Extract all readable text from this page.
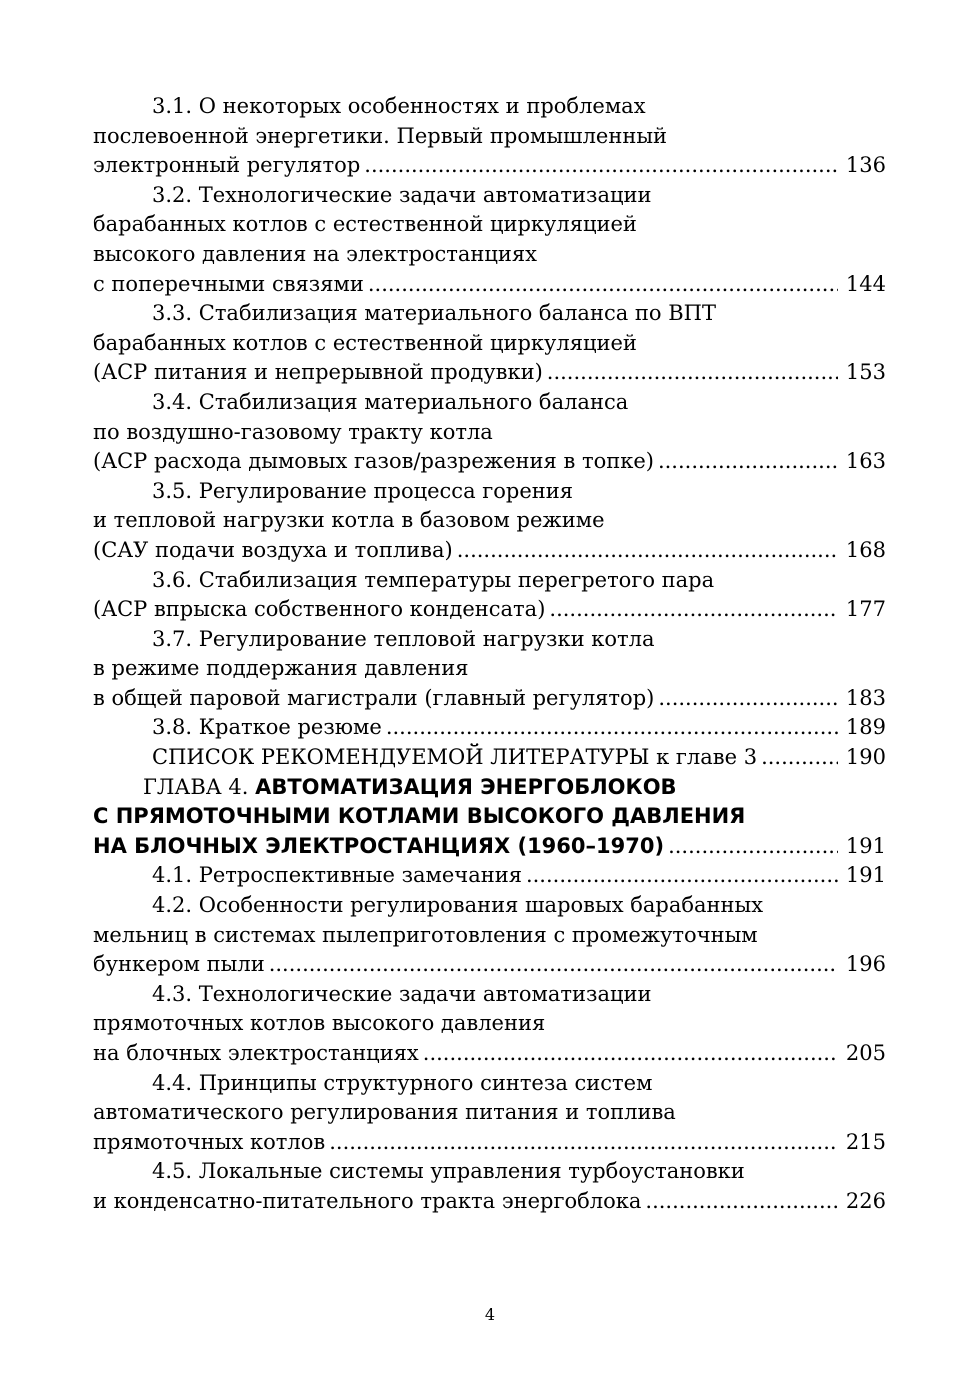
3.1. О некоторых особенностях и проблемах
послевоенной энергетики. Первый промышленный
электронный регулятор .....	136
3.2. Технологические задачи автоматизации
барабанных котлов с естественной циркуляцией
высокого давления на электростанциях
с поперечными связями .....	144
3.3. Стабилизация материального баланса по ВПТ
барабанных котлов с естественной циркуляцией
(АСР питания и непрерывной продувки) .....	153
3.4. Стабилизация материального баланса
по воздушно-газовому тракту котла
(АСР расхода дымовых газов/разрежения в топке) .....	163
3.5. Регулирование процесса горения
и тепловой нагрузки котла в базовом режиме
(САУ подачи воздуха и топлива) .....	168
3.6. Стабилизация температуры перегретого пара
(АСР впрыска собственного конденсата) .....	177
3.7. Регулирование тепловой нагрузки котла
в режиме поддержания давления
в общей паровой магистрали (главный регулятор) .....	183
3.8. Краткое резюме .....	189
СПИСОК РЕКОМЕНДУЕМОЙ ЛИТЕРАТУРЫ к главе 3 .....	190
ГЛАВА 4. АВТОМАТИЗАЦИЯ ЭНЕРГОБЛОКОВ
С ПРЯМОТОЧНЫМИ КОТЛАМИ ВЫСОКОГО ДАВЛЕНИЯ
НА БЛОЧНЫХ ЭЛЕКТРОСТАНЦИЯХ (1960–1970) .....	191
4.1. Ретроспективные замечания .....	191
4.2. Особенности регулирования шаровых барабанных
мельниц в системах пылеприготовления с промежуточным
бункером пыли .....	196
4.3. Технологические задачи автоматизации
прямоточных котлов высокого давления
на блочных электростанциях .....	205
4.4. Принципы структурного синтеза систем
автоматического регулирования питания и топлива
прямоточных котлов .....	215
4.5. Локальные системы управления турбоустановки
и конденсатно-питательного тракта энергоблока .....	226
4
